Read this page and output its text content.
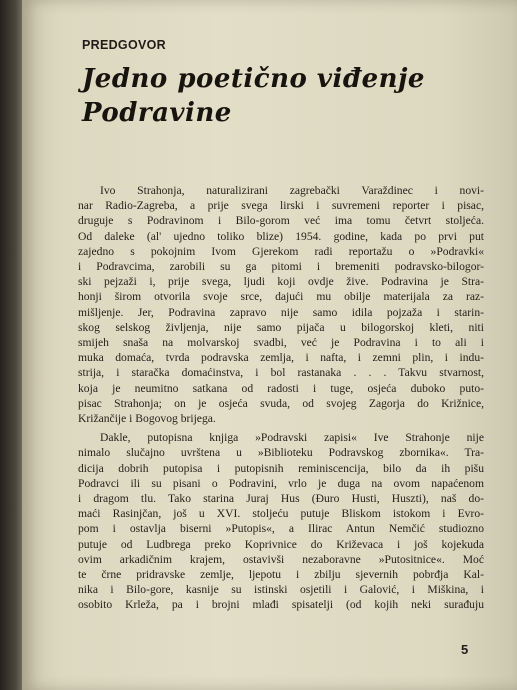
PREDGOVOR
Jedno poetično viđenje
Podravine
Ivo Strahonja, naturalizirani zagrebački Varaždinec i novi-
nar Radio-Zagreba, a prije svega lirski i suvremeni reporter i pisac,
druguje s Podravinom i Bilo-gorom već ima tomu četvrt stoljeća.
Od daleke (al' ujedno toliko blize) 1954. godine, kada po prvi put
zajedno s pokojnim Ivom Gjerekom radi reportažu o »Podravki«
i Podravcima, zarobili su ga pitomi i bremeniti podravsko-bilogor-
ski pejzaži i, prije svega, ljudi koji ovdje žive. Podravina je Stra-
honji širom otvorila svoje srce, dajući mu obilje materijala za raz-
mišljenje. Jer, Podravina zapravo nije samo idila pojzaža i starin-
skog selskog življenja, nije samo pijača u bilogorskoj kleti, niti
smijeh snaša na molvarskoj svadbi, već je Podravina i to ali i
muka domaća, tvrda podravska zemlja, i nafta, i zemni plin, i indu-
strija, i staračka domaćinstva, i bol rastanaka . . . Takvu stvarnost,
koja je neumitno satkana od radosti i tuge, osjeća duboko puto-
pisac Strahonja; on je osjeća svuda, od svojeg Zagorja do Križnice,
Križančije i Bogovog brijega.
Dakle, putopisna knjiga »Podravski zapisi« Ive Strahonje nije
nimalo slučajno uvrštena u »Biblioteku Podravskog zbornika«. Tra-
dicija dobrih putopisa i putopisnih reminiscencija, bilo da ih pišu
Podravci ili su pisani o Podravini, vrlo je duga na ovom napaćenom
i dragom tlu. Tako starina Juraj Hus (Đuro Husti, Huszti), naš do-
maći Rasinjčan, još u XVI. stoljeću putuje Bliskom istokom i Evro-
pom i ostavlja biserni »Putopis«, a Ilirac Antun Nemčić studiozno
putuje od Ludbrega preko Koprivnice do Križevaca i još kojekuda
ovim arkadičnim krajem, ostavivši nezaboravne »Putositnice«. Moć
te črne pridravske zemlje, ljepotu i zbilju sjevernih pobrđja Kal-
nika i Bilo-gore, kasnije su istinski osjetili i Galović, i Miškina, i
osobito Krleža, pa i brojni mlađi spisatelji (od kojih neki surađuju
5
